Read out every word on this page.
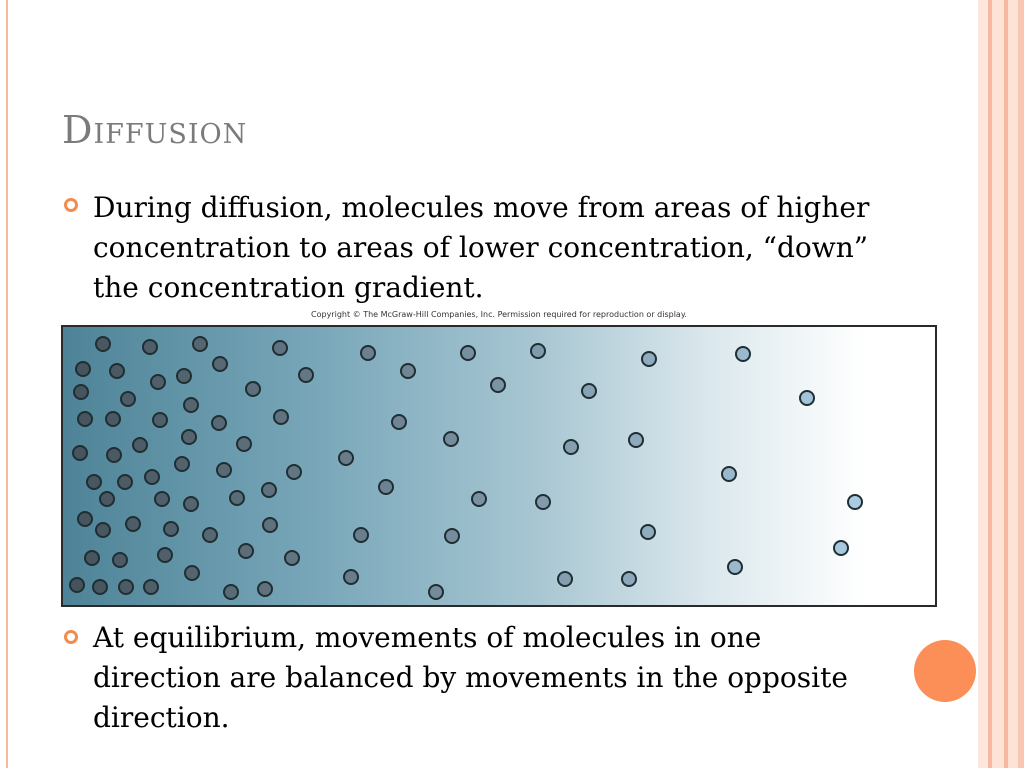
Diffusion
During diffusion, molecules move from areas of higher concentration to areas of lower concentration, “down” the concentration gradient.
Copyright © The McGraw-Hill Companies, Inc. Permission required for reproduction or display.
At equilibrium, movements of molecules in one direction are balanced by movements in the opposite direction.
